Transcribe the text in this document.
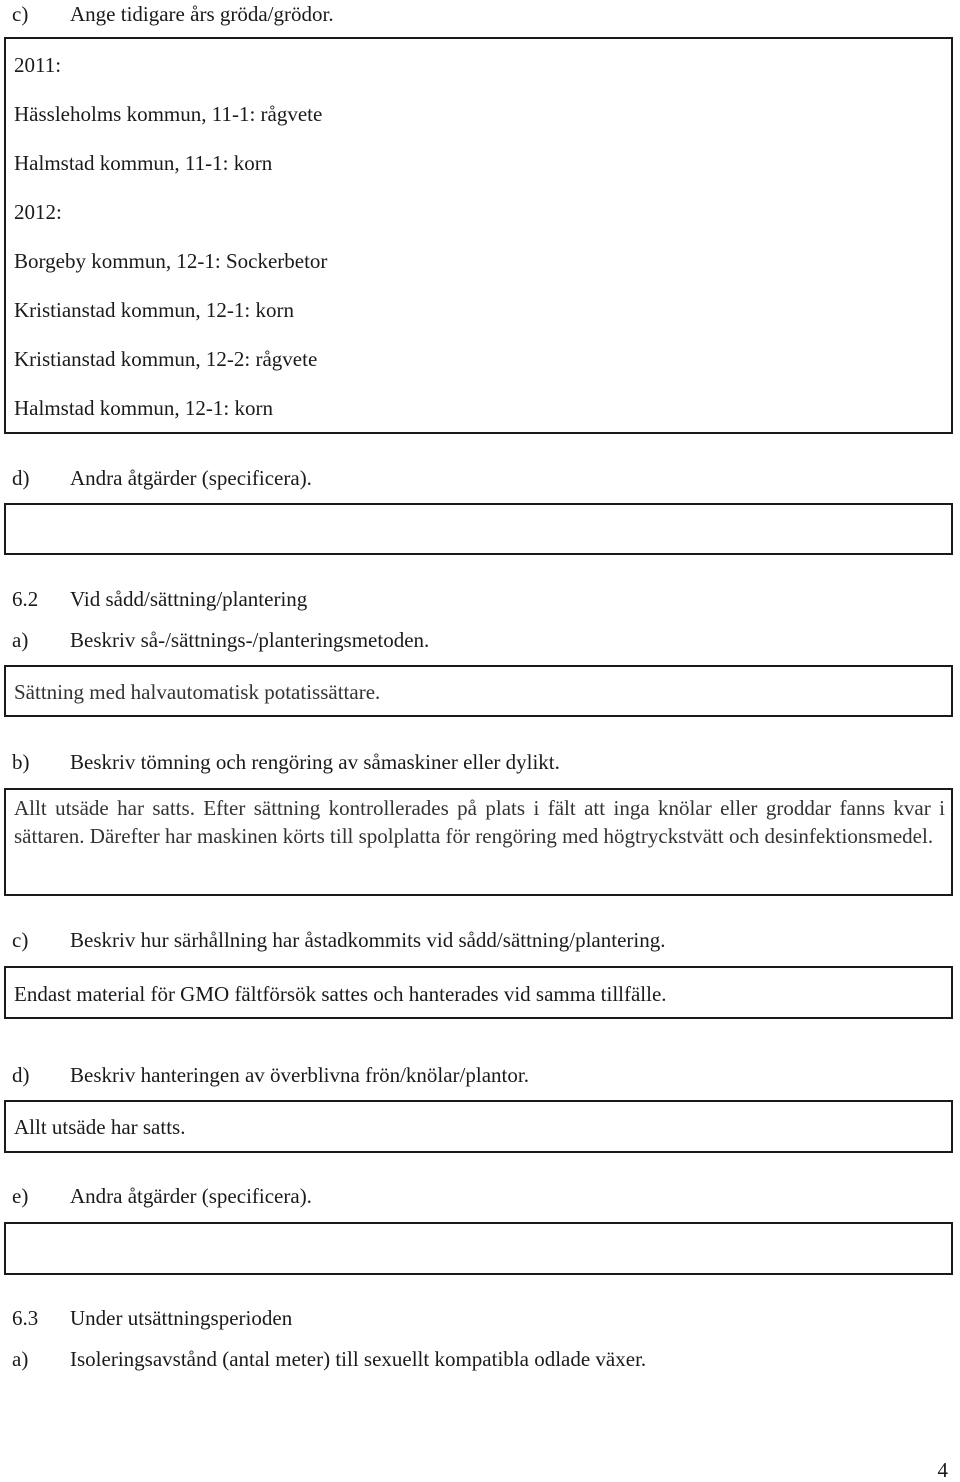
c) Ange tidigare års gröda/grödor.
2011:
Hässleholms kommun, 11-1: rågvete
Halmstad kommun, 11-1: korn
2012:
Borgeby kommun, 12-1: Sockerbetor
Kristianstad kommun, 12-1: korn
Kristianstad kommun, 12-2: rågvete
Halmstad kommun, 12-1: korn
d) Andra åtgärder (specificera).
6.2 Vid sådd/sättning/plantering
a) Beskriv så-/sättnings-/planteringsmetoden.
Sättning med halvautomatisk potatissättare.
b) Beskriv tömning och rengöring av såmaskiner eller dylikt.
Allt utsäde har satts. Efter sättning kontrollerades på plats i fält att inga knölar eller groddar fanns kvar i sättaren. Därefter har maskinen körts till spolplatta för rengöring med högtryckstvätt och desinfektionsmedel.
c) Beskriv hur särhållning har åstadkommits vid sådd/sättning/plantering.
Endast material för GMO fältförsök sattes och hanterades vid samma tillfälle.
d) Beskriv hanteringen av överblivna frön/knölar/plantor.
Allt utsäde har satts.
e) Andra åtgärder (specificera).
6.3 Under utsättningsperioden
a) Isoleringsavstånd (antal meter) till sexuellt kompatibla odlade växer.
4
